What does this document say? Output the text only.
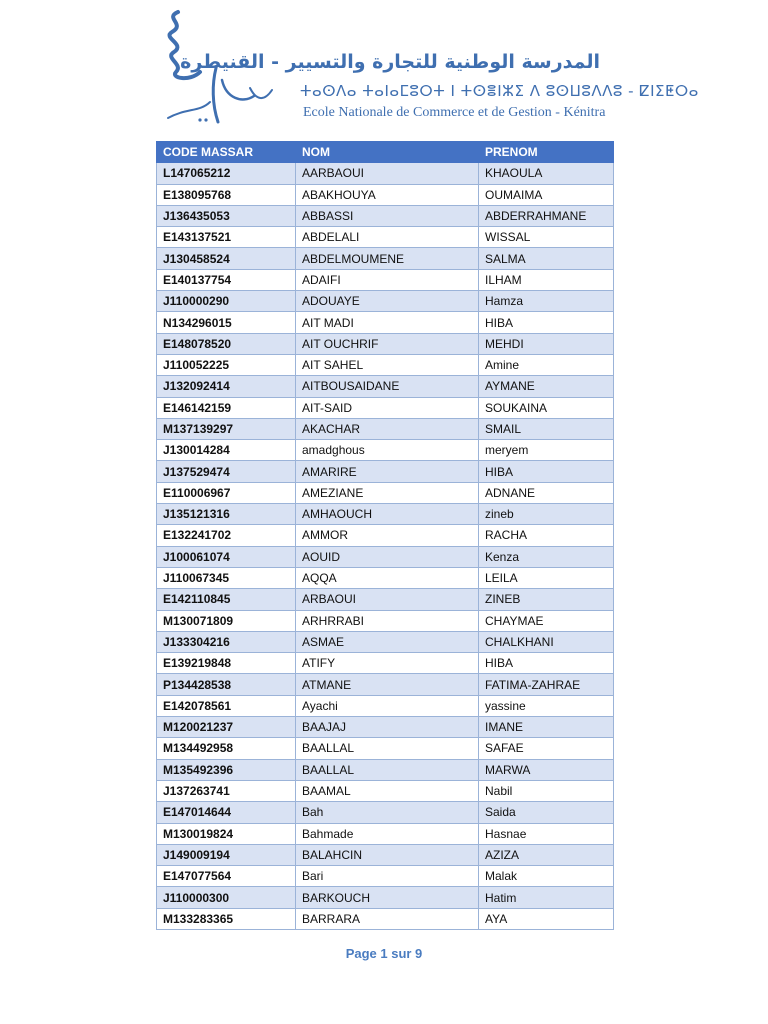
المدرسة الوطنية للتجارة والتسيير - القنيطرة
ⵜⴰⵙⴷⴰ ⵜⴰⵏⴰⵎⵓⵔⵜ ⵏ ⵜⵙⴻⵏⵣⵉ ⴷ ⵓⵙⵡⵓⴷⴷⵓ - ⵇⵏⵉⵟⵔⴰ
Ecole Nationale de Commerce et de Gestion - Kénitra
CODE MASSAR	NOM	PRENOM
L147065212	AARBAOUI	KHAOULA
E138095768	ABAKHOUYA	OUMAIMA
J136435053	ABBASSI	ABDERRAHMANE
E143137521	ABDELALI	WISSAL
J130458524	ABDELMOUMENE	SALMA
E140137754	ADAIFI	ILHAM
J110000290	ADOUAYE	Hamza
N134296015	AIT MADI	HIBA
E148078520	AIT OUCHRIF	MEHDI
J110052225	AIT SAHEL	Amine
J132092414	AITBOUSAIDANE	AYMANE
E146142159	AIT-SAID	SOUKAINA
M137139297	AKACHAR	SMAIL
J130014284	amadghous	meryem
J137529474	AMARIRE	HIBA
E110006967	AMEZIANE	ADNANE
J135121316	AMHAOUCH	zineb
E132241702	AMMOR	RACHA
J100061074	AOUID	Kenza
J110067345	AQQA	LEILA
E142110845	ARBAOUI	ZINEB
M130071809	ARHRRABI	CHAYMAE
J133304216	ASMAE	CHALKHANI
E139219848	ATIFY	HIBA
P134428538	ATMANE	FATIMA-ZAHRAE
E142078561	Ayachi	yassine
M120021237	BAAJAJ	IMANE
M134492958	BAALLAL	SAFAE
M135492396	BAALLAL	MARWA
J137263741	BAAMAL	Nabil
E147014644	Bah	Saida
M130019824	Bahmade	Hasnae
J149009194	BALAHCIN	AZIZA
E147077564	Bari	Malak
J110000300	BARKOUCH	Hatim
M133283365	BARRARA	AYA
Page 1 sur 9
